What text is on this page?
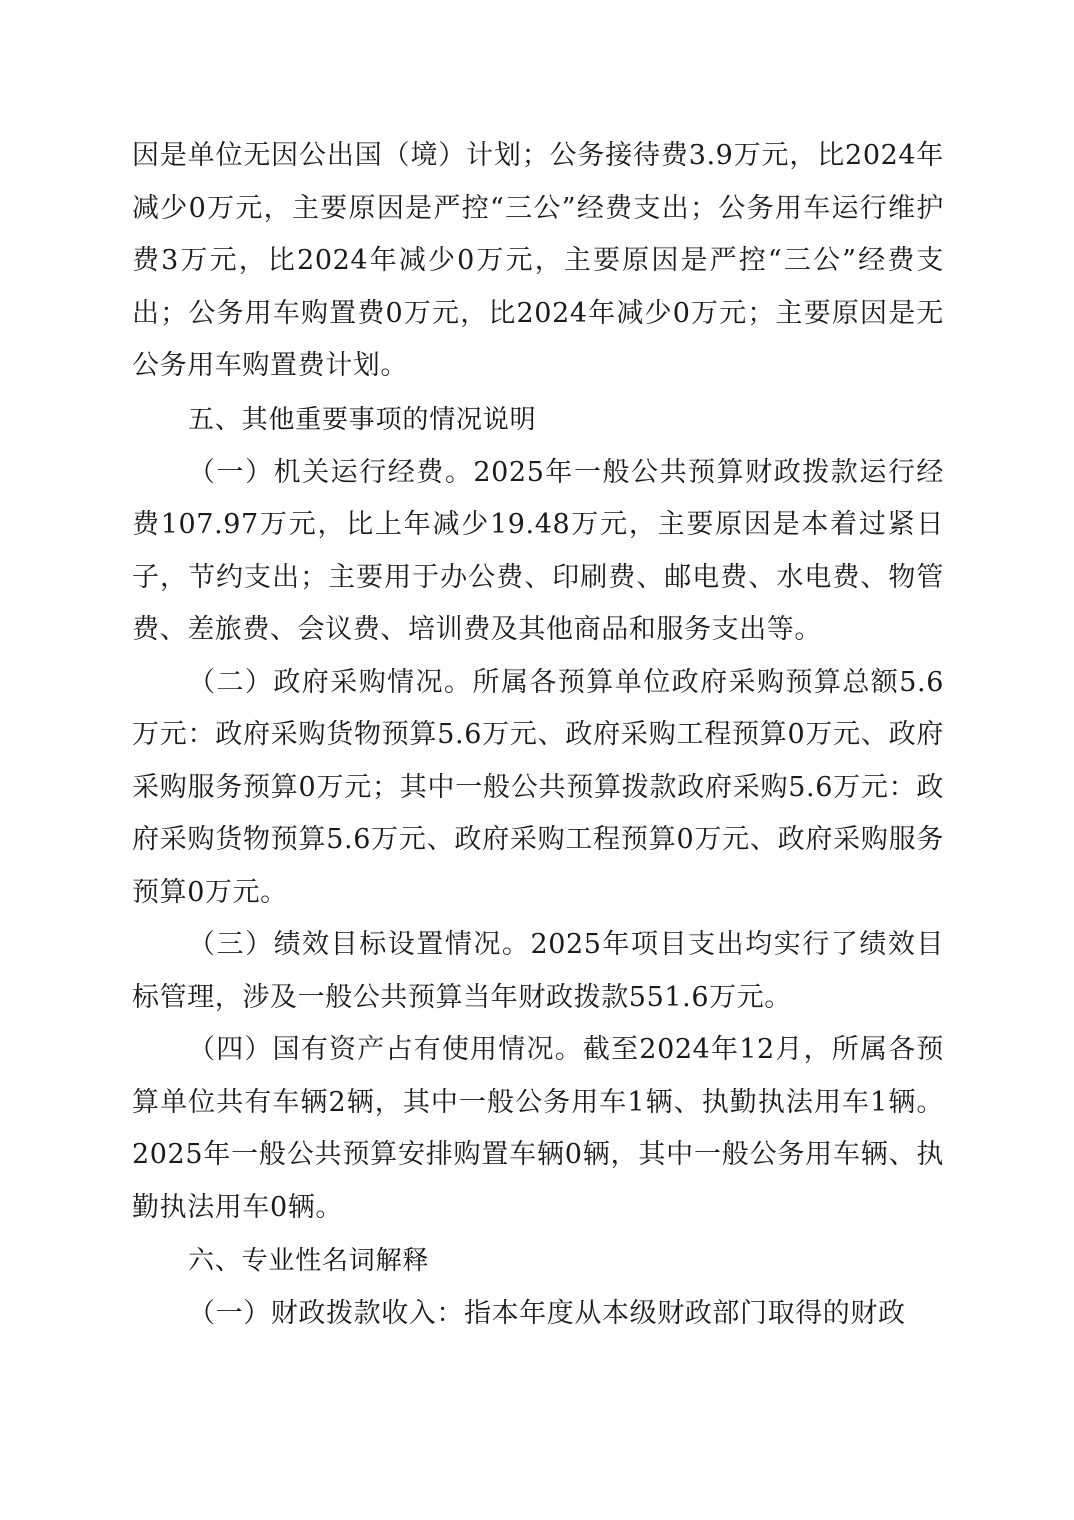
因是单位无因公出国（境）计划；公务接待费3.9万元，比2024年减少0万元，主要原因是严控“三公”经费支出；公务用车运行维护费3万元，比2024年减少0万元，主要原因是严控“三公”经费支出；公务用车购置费0万元，比2024年减少0万元；主要原因是无公务用车购置费计划。

五、其他重要事项的情况说明

（一）机关运行经费。2025年一般公共预算财政拨款运行经费107.97万元，比上年减少19.48万元，主要原因是本着过紧日子，节约支出；主要用于办公费、印刷费、邮电费、水电费、物管费、差旅费、会议费、培训费及其他商品和服务支出等。

（二）政府采购情况。所属各预算单位政府采购预算总额5.6万元：政府采购货物预算5.6万元、政府采购工程预算0万元、政府采购服务预算0万元；其中一般公共预算拨款政府采购5.6万元：政府采购货物预算5.6万元、政府采购工程预算0万元、政府采购服务预算0万元。

（三）绩效目标设置情况。2025年项目支出均实行了绩效目标管理，涉及一般公共预算当年财政拨款551.6万元。

（四）国有资产占有使用情况。截至2024年12月，所属各预算单位共有车辆2辆，其中一般公务用车1辆、执勤执法用车1辆。2025年一般公共预算安排购置车辆0辆，其中一般公务用车辆、执勤执法用车0辆。

六、专业性名词解释

（一）财政拨款收入：指本年度从本级财政部门取得的财政
